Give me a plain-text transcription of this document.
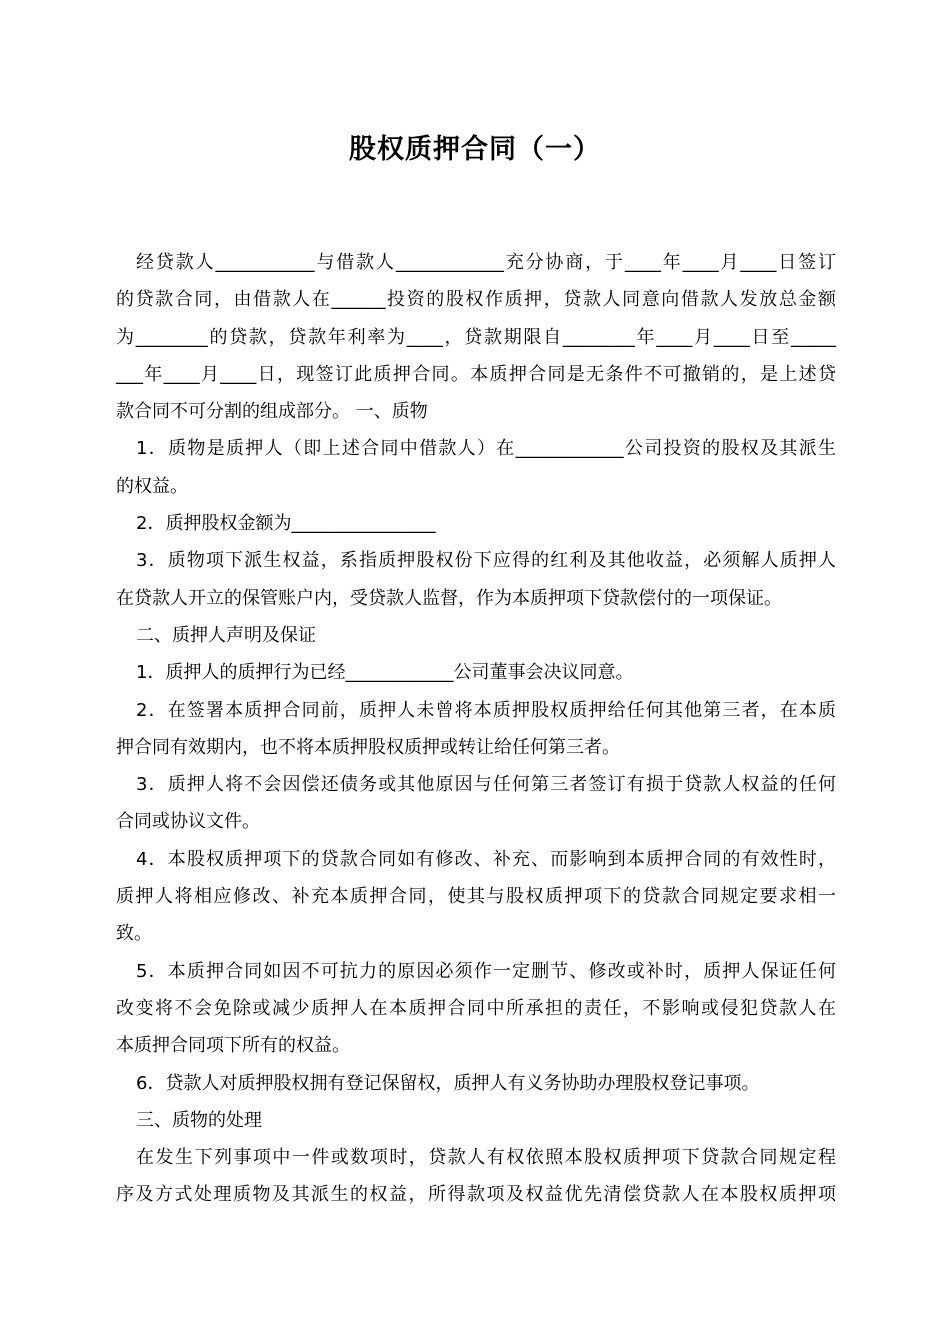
股权质押合同（一）
经贷款人___________与借款人____________充分协商，于____年____月____日签订
的贷款合同，由借款人在______投资的股权作质押，贷款人同意向借款人发放总金额
为________的贷款，贷款年利率为____，贷款期限自________年____月____日至_____
___年____月____日，现签订此质押合同。本质押合同是无条件不可撤销的，是上述贷
款合同不可分割的组成部分。 一、质物
1．质物是质押人（即上述合同中借款人）在____________公司投资的股权及其派生
的权益。
2．质押股权金额为________________
3．质物项下派生权益，系指质押股权份下应得的红利及其他收益，必须解人质押人
在贷款人开立的保管账户内，受贷款人监督，作为本质押项下贷款偿付的一项保证。
二、质押人声明及保证
1．质押人的质押行为已经____________公司董事会决议同意。
2．在签署本质押合同前，质押人未曾将本质押股权质押给任何其他第三者，在本质
押合同有效期内，也不将本质押股权质押或转让给任何第三者。
3．质押人将不会因偿还债务或其他原因与任何第三者签订有损于贷款人权益的任何
合同或协议文件。
4．本股权质押项下的贷款合同如有修改、补充、而影响到本质押合同的有效性时，
质押人将相应修改、补充本质押合同，使其与股权质押项下的贷款合同规定要求相一
致。
5．本质押合同如因不可抗力的原因必须作一定删节、修改或补时，质押人保证任何
改变将不会免除或减少质押人在本质押合同中所承担的责任，不影响或侵犯贷款人在
本质押合同项下所有的权益。
6．贷款人对质押股权拥有登记保留权，质押人有义务协助办理股权登记事项。
三、质物的处理
在发生下列事项中一件或数项时，贷款人有权依照本股权质押项下贷款合同规定程
序及方式处理质物及其派生的权益，所得款项及权益优先清偿贷款人在本股权质押项
